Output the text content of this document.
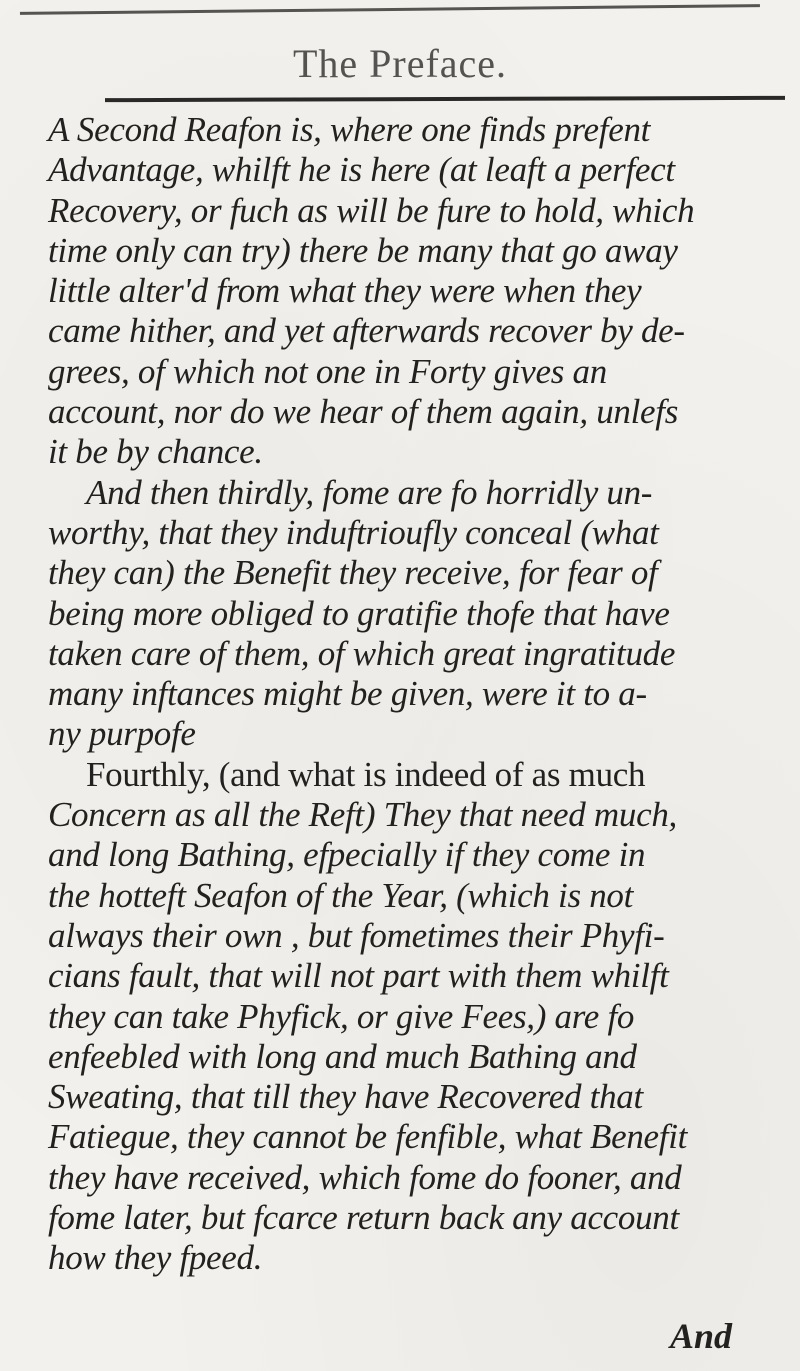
The Preface.
A Second Reafon is, where one finds prefent
Advantage, whilft he is here (at leaft a perfect
Recovery, or fuch as will be fure to hold, which
time only can try) there be many that go away
little alter'd from what they were when they
came hither, and yet afterwards recover by de-
grees, of which not one in Forty gives an
account, nor do we hear of them again, unlefs
it be by chance.
And then thirdly, fome are fo horridly un-
worthy, that they induftrioufly conceal (what
they can) the Benefit they receive, for fear of
being more obliged to gratifie thofe that have
taken care of them, of which great ingratitude
many inftances might be given, were it to a-
ny purpofe
Fourthly, (and what is indeed of as much
Concern as all the Reft) They that need much,
and long Bathing, efpecially if they come in
the hotteft Seafon of the Year, (which is not
always their own , but fometimes their Phyfi-
cians fault, that will not part with them whilft
they can take Phyfick, or give Fees,) are fo
enfeebled with long and much Bathing and
Sweating, that till they have Recovered that
Fatiegue, they cannot be fenfible, what Benefit
they have received, which fome do fooner, and
fome later, but fcarce return back any account
how they fpeed.
And
